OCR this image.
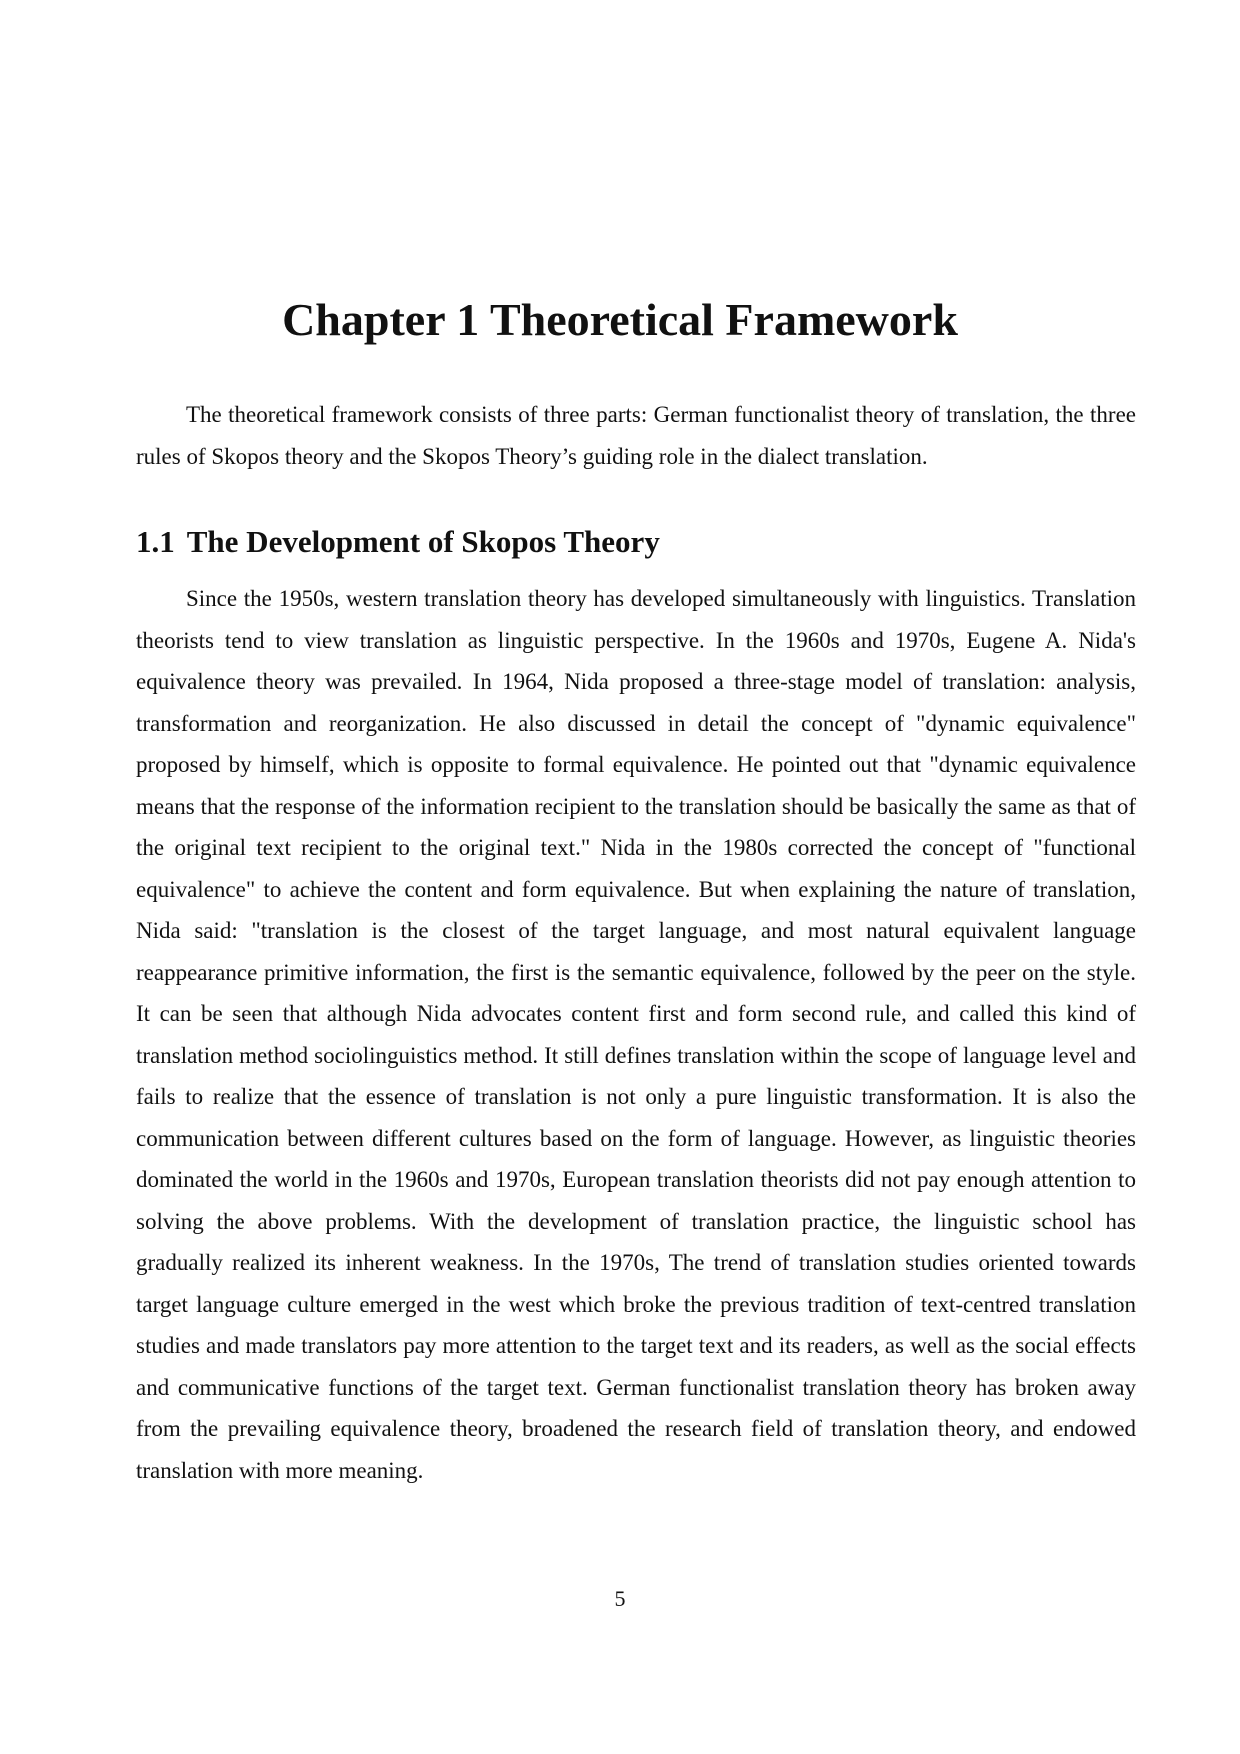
Chapter 1 Theoretical Framework

The theoretical framework consists of three parts: German functionalist theory of translation, the three rules of Skopos theory and the Skopos Theory’s guiding role in the dialect translation.

1.1 The Development of Skopos Theory

Since the 1950s, western translation theory has developed simultaneously with linguistics. Translation theorists tend to view translation as linguistic perspective. In the 1960s and 1970s, Eugene A. Nida's equivalence theory was prevailed. In 1964, Nida proposed a three-stage model of translation: analysis, transformation and reorganization. He also discussed in detail the concept of "dynamic equivalence" proposed by himself, which is opposite to formal equivalence. He pointed out that "dynamic equivalence means that the response of the information recipient to the translation should be basically the same as that of the original text recipient to the original text." Nida in the 1980s corrected the concept of "functional equivalence" to achieve the content and form equivalence. But when explaining the nature of translation, Nida said: "translation is the closest of the target language, and most natural equivalent language reappearance primitive information, the first is the semantic equivalence, followed by the peer on the style. It can be seen that although Nida advocates content first and form second rule, and called this kind of translation method sociolinguistics method. It still defines translation within the scope of language level and fails to realize that the essence of translation is not only a pure linguistic transformation. It is also the communication between different cultures based on the form of language. However, as linguistic theories dominated the world in the 1960s and 1970s, European translation theorists did not pay enough attention to solving the above problems. With the development of translation practice, the linguistic school has gradually realized its inherent weakness. In the 1970s, The trend of translation studies oriented towards target language culture emerged in the west which broke the previous tradition of text-centred translation studies and made translators pay more attention to the target text and its readers, as well as the social effects and communicative functions of the target text. German functionalist translation theory has broken away from the prevailing equivalence theory, broadened the research field of translation theory, and endowed translation with more meaning.

5
